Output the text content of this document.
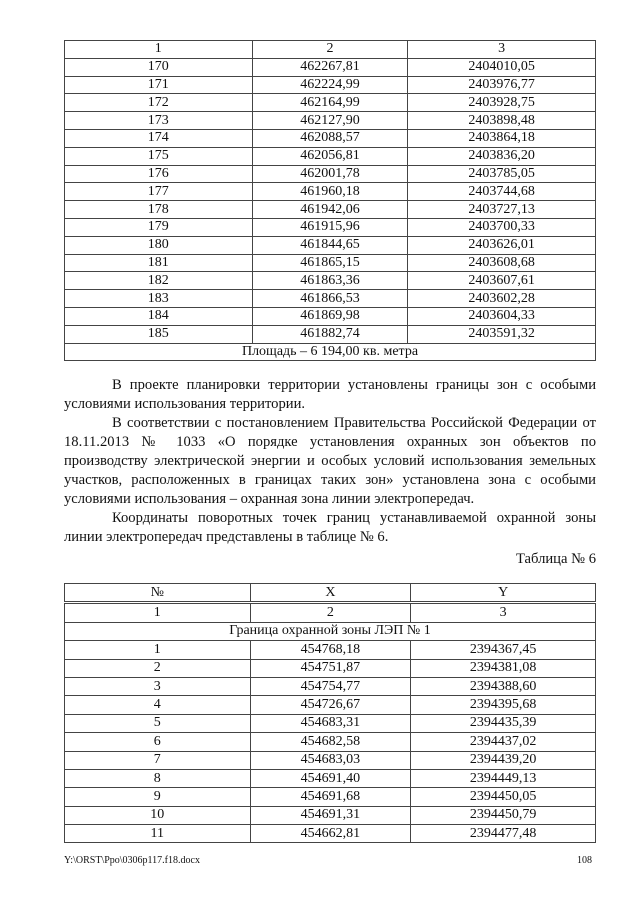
1	2	3
170	462267,81	2404010,05
171	462224,99	2403976,77
172	462164,99	2403928,75
173	462127,90	2403898,48
174	462088,57	2403864,18
175	462056,81	2403836,20
176	462001,78	2403785,05
177	461960,18	2403744,68
178	461942,06	2403727,13
179	461915,96	2403700,33
180	461844,65	2403626,01
181	461865,15	2403608,68
182	461863,36	2403607,61
183	461866,53	2403602,28
184	461869,98	2403604,33
185	461882,74	2403591,32
Площадь – 6 194,00 кв. метра		

В проекте планировки территории установлены границы зон с особыми условиями использования территории.

В соответствии с постановлением Правительства Российской Федерации от 18.11.2013 № 1033 «О порядке установления охранных зон объектов по производству электрической энергии и особых условий использования земельных участков, расположенных в границах таких зон» установлена зона с особыми условиями использования – охранная зона линии электропередач.

Координаты поворотных точек границ устанавливаемой охранной зоны линии электропередач представлены в таблице № 6.

Таблица № 6
№	X	Y
1	2	3
Граница охранной зоны ЛЭП № 1		
1	454768,18	2394367,45
2	454751,87	2394381,08
3	454754,77	2394388,60
4	454726,67	2394395,68
5	454683,31	2394435,39
6	454682,58	2394437,02
7	454683,03	2394439,20
8	454691,40	2394449,13
9	454691,68	2394450,05
10	454691,31	2394450,79
11	454662,81	2394477,48
Y:\ORST\Ppo\0306p117.f18.docx	108
